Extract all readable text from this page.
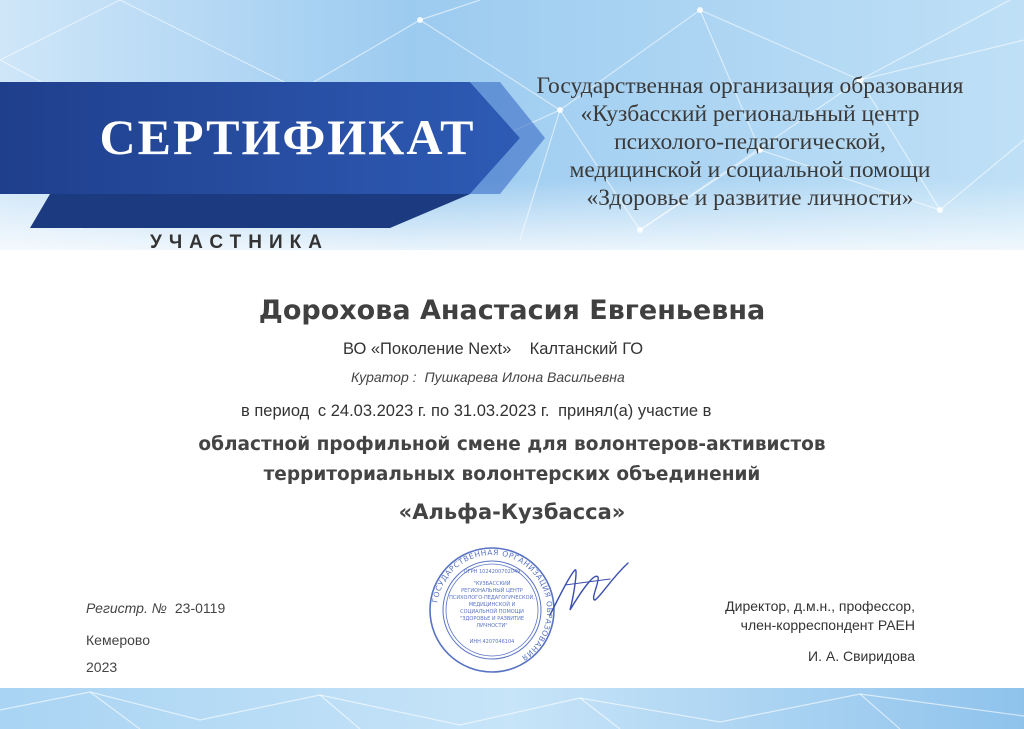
СЕРТИФИКАТ
Государственная организация образования
«Кузбасский региональный центр
психолого-педагогической,
медицинской и социальной помощи
«Здоровье и развитие личности»
УЧАСТНИКА
Дорохова Анастасия Евгеньевна
ВО «Поколение Next»    Калтанский ГО
Куратор : Пушкарева Илона Васильевна
в период с 24.03.2023 г. по 31.03.2023 г. принял(а) участие в
областной профильной смене для волонтеров-активистов
территориальных волонтерских объединений
«Альфа-Кузбасса»
Регистр. № 23-0119
Кемерово
2023
Директор, д.м.н., профессор,
член-корреспондент РАЕН
И. А. Свиридова
ГОСУДАРСТВЕННАЯ ОРГАНИЗАЦИЯ ОБРАЗОВАНИЯ
ОГРН 1024200702049
"КУЗБАССКИЙ
РЕГИОНАЛЬНЫЙ ЦЕНТР
ПСИХОЛОГО-ПЕДАГОГИЧЕСКОЙ,
МЕДИЦИНСКОЙ И
СОЦИАЛЬНОЙ ПОМОЩИ
"ЗДОРОВЬЕ И РАЗВИТИЕ
ЛИЧНОСТИ"
ИНН 4207046104
